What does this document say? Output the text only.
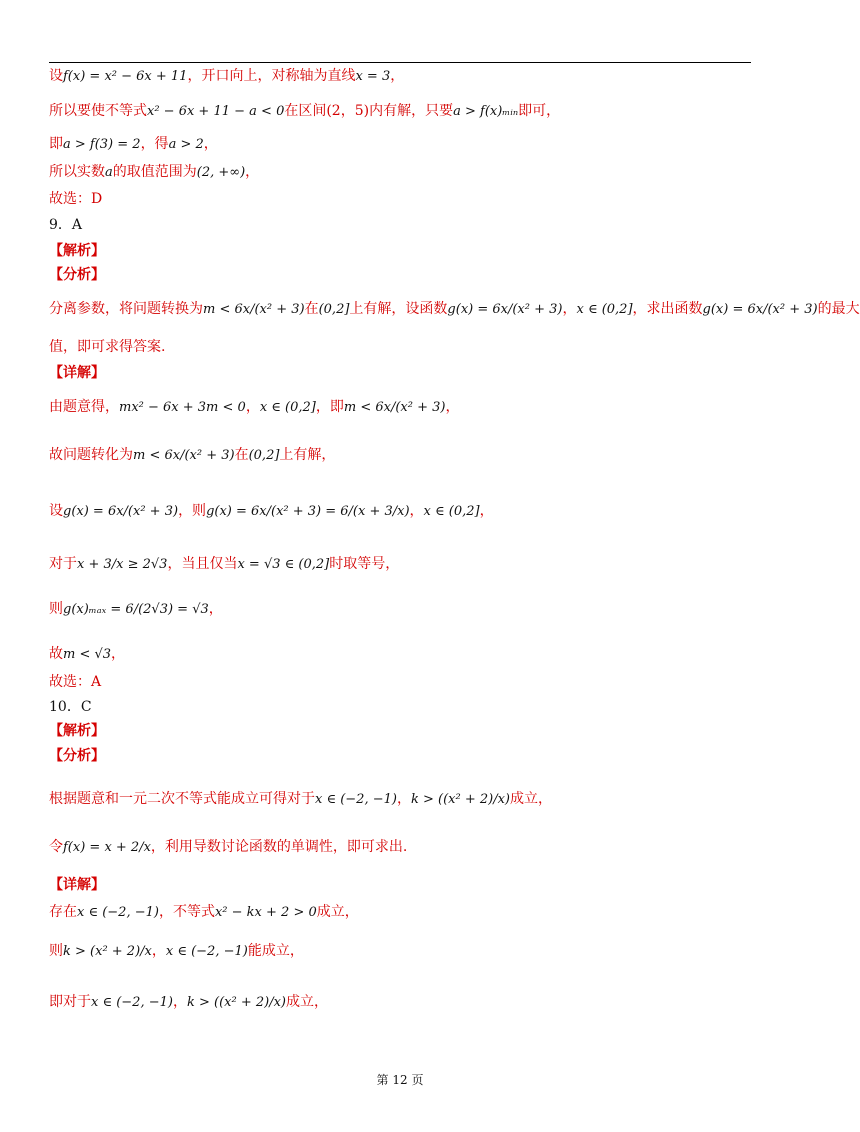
设f(x) = x² − 6x + 11，开口向上，对称轴为直线x = 3，
所以要使不等式x² − 6x + 11 − a < 0在区间(2，5)内有解，只要a > f(x)ₘᵢₙ即可，
即a > f(3) = 2，得a > 2，
所以实数a的取值范围为(2, +∞)，
故选：D
9．A
【解析】
【分析】
分离参数，将问题转换为m < 6x/(x² + 3)在(0,2]上有解，设函数g(x) = 6x/(x² + 3)，x ∈ (0,2]，求出函数g(x) = 6x/(x² + 3)的最大
值，即可求得答案.
【详解】
由题意得，mx² − 6x + 3m < 0，x ∈ (0,2]，即m < 6x/(x² + 3)，
故问题转化为m < 6x/(x² + 3)在(0,2]上有解，
设g(x) = 6x/(x² + 3)，则g(x) = 6x/(x² + 3) = 6/(x + 3/x)，x ∈ (0,2]，
对于x + 3/x ≥ 2√3，当且仅当x = √3 ∈ (0,2]时取等号，
则g(x)ₘₐₓ = 6/(2√3) = √3，
故m < √3，
故选：A
10．C
【解析】
【分析】
根据题意和一元二次不等式能成立可得对于x ∈ (−2, −1)，k > ((x² + 2)/x)成立，
令f(x) = x + 2/x，利用导数讨论函数的单调性，即可求出.
【详解】
存在x ∈ (−2, −1)，不等式x² − kx + 2 > 0成立，
则k > (x² + 2)/x，x ∈ (−2, −1)能成立，
即对于x ∈ (−2, −1)，k > ((x² + 2)/x)成立，
第 12 页
